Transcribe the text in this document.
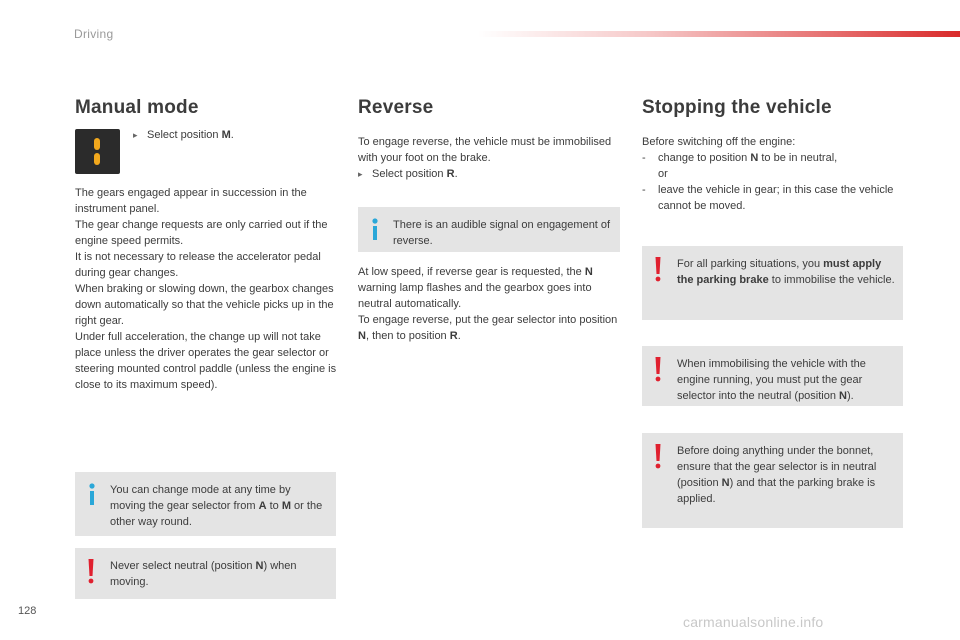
Driving
Manual mode
▸ Select position M.

The gears engaged appear in succession in the instrument panel.

The gear change requests are only carried out if the engine speed permits.

It is not necessary to release the accelerator pedal during gear changes.

When braking or slowing down, the gearbox changes down automatically so that the vehicle picks up in the right gear.

Under full acceleration, the change up will not take place unless the driver operates the gear selector or steering mounted control paddle (unless the engine is close to its maximum speed).

You can change mode at any time by moving the gear selector from A to M or the other way round.
Never select neutral (position N) when moving.
Reverse

To engage reverse, the vehicle must be immobilised with your foot on the brake.

▸ Select position R.
There is an audible signal on engagement of reverse.

At low speed, if reverse gear is requested, the N warning lamp flashes and the gearbox goes into neutral automatically.

To engage reverse, put the gear selector into position N, then to position R.

Stopping the vehicle

Before switching off the engine:

-	change to position N to be in neutral,
or
-	leave the vehicle in gear; in this case the vehicle cannot be moved.
For all parking situations, you must apply the parking brake to immobilise the vehicle.
When immobilising the vehicle with the engine running, you must put the gear selector into the neutral (position N).
Before doing anything under the bonnet, ensure that the gear selector is in neutral (position N) and that the parking brake is applied.
128
carmanualsonline.info
